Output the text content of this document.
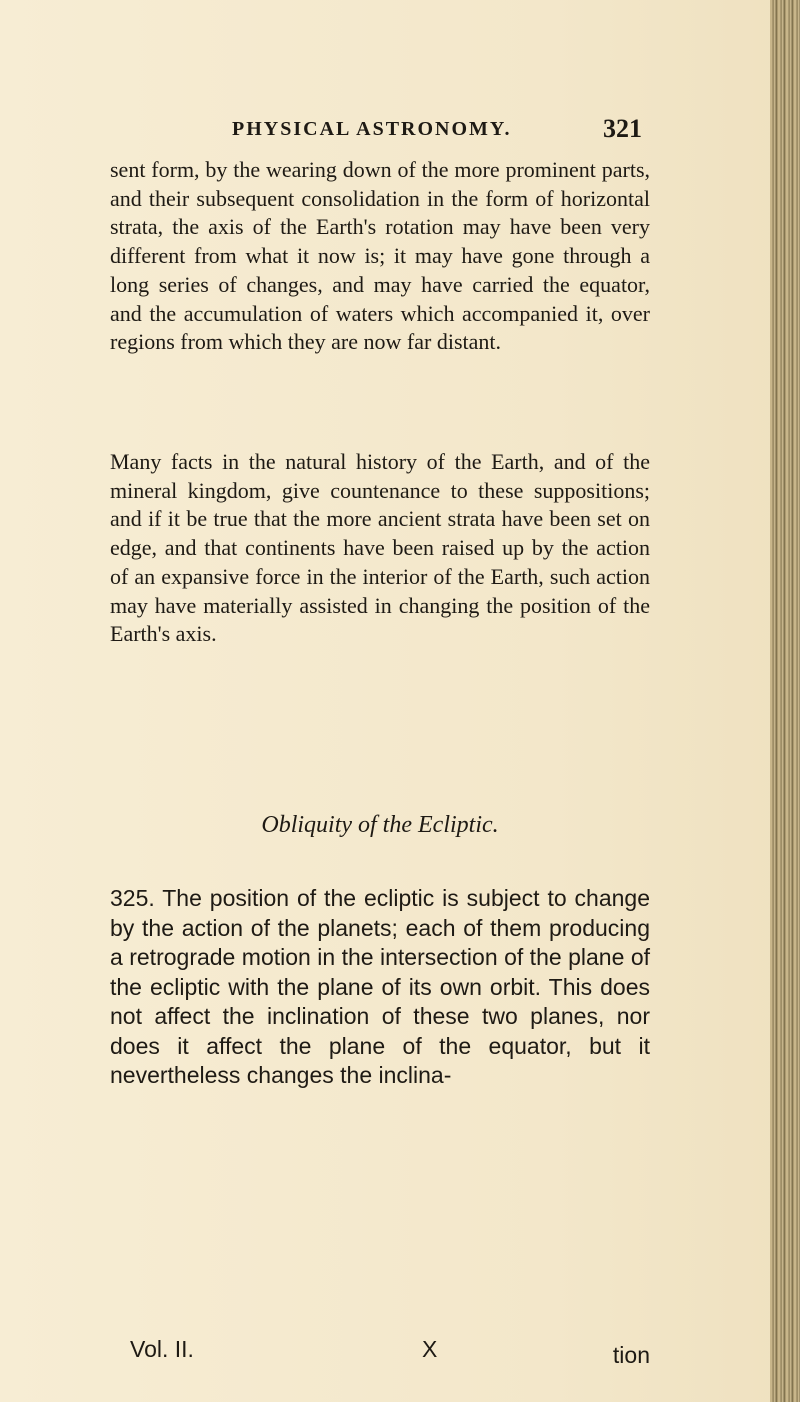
PHYSICAL ASTRONOMY.	321

sent form, by the wearing down of the more prominent parts, and their subsequent consolidation in the form of horizontal strata, the axis of the Earth's rotation may have been very different from what it now is; it may have gone through a long series of changes, and may have carried the equator, and the accumulation of waters which accompanied it, over regions from which they are now far distant.

Many facts in the natural history of the Earth, and of the mineral kingdom, give countenance to these suppositions; and if it be true that the more ancient strata have been set on edge, and that continents have been raised up by the action of an expansive force in the interior of the Earth, such action may have materially assisted in changing the position of the Earth's axis.

Obliquity of the Ecliptic.

325. The position of the ecliptic is subject to change by the action of the planets; each of them producing a retrograde motion in the intersection of the plane of the ecliptic with the plane of its own orbit. This does not affect the inclination of these two planes, nor does it affect the plane of the equator, but it nevertheless changes the inclina-

Vol. II.	X	tion
